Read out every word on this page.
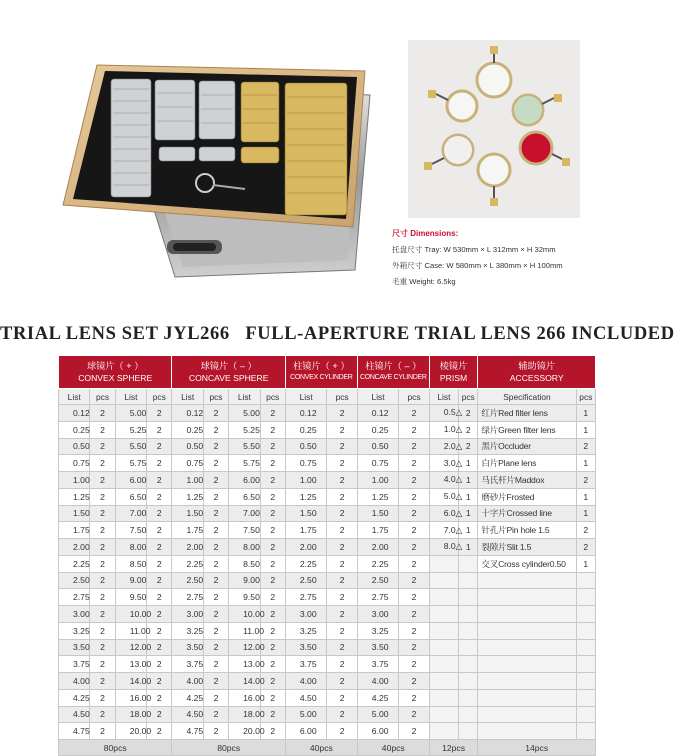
尺寸 Dimensions:
托盘尺寸 Tray: W 530mm × L 312mm × H 32mm
外箱尺寸 Case: W 580mm × L 380mm × H 100mm
毛重 Weight: 6.5kg
TRIAL LENS SET JYL266   FULL-APERTURE TRIAL LENS 266 INCLUDED
球镜片（ + ）
CONVEX SPHERE				球镜片（ – ）
CONCAVE SPHERE				柱镜片（ + ）
CONVEX CYLINDER		柱镜片（ – ）
CONCAVE CYLINDER		棱镜片
PRISM		辅助镜片
ACCESSORY	

List	pcs	List	pcs	List	pcs	List	pcs	List	pcs	List	pcs	List	pcs	Specification	pcs
0.12	2	5.00	2	0.12	2	5.00	2	0.12	2	0.12	2	0.5△	2	红片Red filter lens	1
0.25	2	5.25	2	0.25	2	5.25	2	0.25	2	0.25	2	1.0△	2	绿片Green filter lens	1
0.50	2	5.50	2	0.50	2	5.50	2	0.50	2	0.50	2	2.0△	2	黑片Occluder	2
0.75	2	5.75	2	0.75	2	5.75	2	0.75	2	0.75	2	3.0△	1	白片Plane lens	1
1.00	2	6.00	2	1.00	2	6.00	2	1.00	2	1.00	2	4.0△	1	马氏杆片Maddox	2
1.25	2	6.50	2	1.25	2	6.50	2	1.25	2	1.25	2	5.0△	1	磨砂片Frosted	1
1.50	2	7.00	2	1.50	2	7.00	2	1.50	2	1.50	2	6.0△	1	十字片Crossed line	1
1.75	2	7.50	2	1.75	2	7.50	2	1.75	2	1.75	2	7.0△	1	针孔片Pin hole 1.5	2
2.00	2	8.00	2	2.00	2	8.00	2	2.00	2	2.00	2	8.0△	1	裂隙片Slit 1.5	2
2.25	2	8.50	2	2.25	2	8.50	2	2.25	2	2.25	2			交叉Cross cylinder0.50	1
2.50	2	9.00	2	2.50	2	9.00	2	2.50	2	2.50	2				
2.75	2	9.50	2	2.75	2	9.50	2	2.75	2	2.75	2				
3.00	2	10.00	2	3.00	2	10.00	2	3.00	2	3.00	2				
3.25	2	11.00	2	3.25	2	11.00	2	3.25	2	3.25	2				
3.50	2	12.00	2	3.50	2	12.00	2	3.50	2	3.50	2				
3.75	2	13.00	2	3.75	2	13.00	2	3.75	2	3.75	2				
4.00	2	14.00	2	4.00	2	14.00	2	4.00	2	4.00	2				
4.25	2	16.00	2	4.25	2	16.00	2	4.50	2	4.25	2				
4.50	2	18.00	2	4.50	2	18.00	2	5.00	2	5.00	2				
4.75	2	20.00	2	4.75	2	20.00	2	6.00	2	6.00	2				
80pcs				80pcs				40pcs		40pcs		12pcs		14pcs	
